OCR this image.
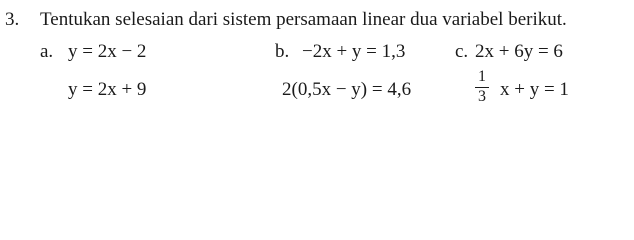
3. Tentukan selesaian dari sistem persamaan linear dua variabel berikut.
a. y = 2x − 2
y = 2x + 9
b. −2x + y = 1,3
2(0,5x − y) = 4,6
c. 2x + 6y = 6
1
3 x + y = 1
